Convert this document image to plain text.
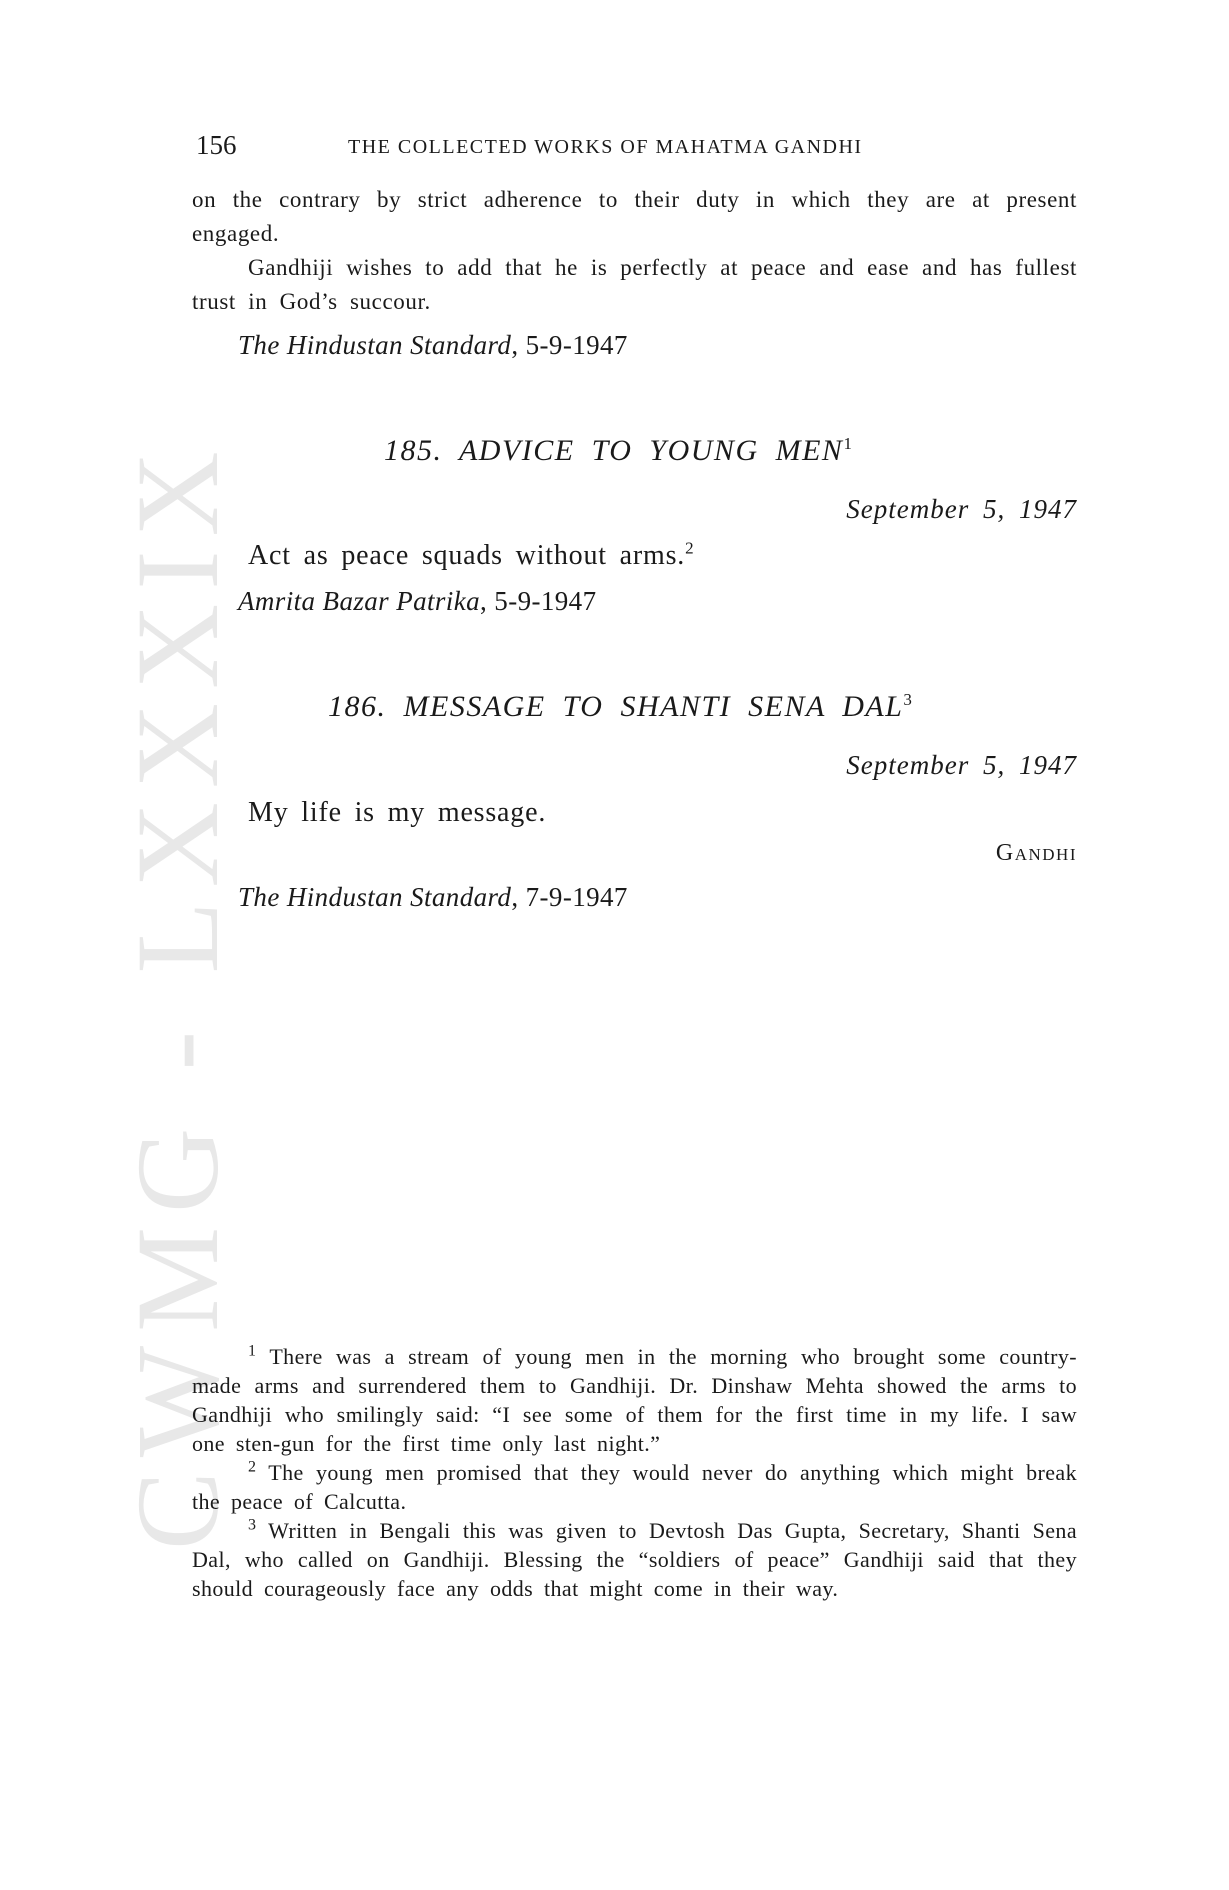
CWMG - LXXXIX
156	THE COLLECTED WORKS OF MAHATMA GANDHI
on the contrary by strict adherence to their duty in which they are at present engaged.
Gandhiji wishes to add that he is perfectly at peace and ease and has fullest trust in God’s succour.
The Hindustan Standard, 5-9-1947
185. ADVICE TO YOUNG MEN$^1$
September 5, 1947
Act as peace squads without arms.$^2$
Amrita Bazar Patrika, 5-9-1947
186. MESSAGE TO SHANTI SENA DAL$^3$
September 5, 1947
My life is my message.
Gandhi
The Hindustan Standard, 7-9-1947
$^1$ There was a stream of young men in the morning who brought some country-made arms and surrendered them to Gandhiji. Dr. Dinshaw Mehta showed the arms to Gandhiji who smilingly said: “I see some of them for the first time in my life. I saw one sten-gun for the first time only last night.”
$^2$ The young men promised that they would never do anything which might break the peace of Calcutta.
$^3$ Written in Bengali this was given to Devtosh Das Gupta, Secretary, Shanti Sena Dal, who called on Gandhiji. Blessing the “soldiers of peace” Gandhiji said that they should courageously face any odds that might come in their way.
